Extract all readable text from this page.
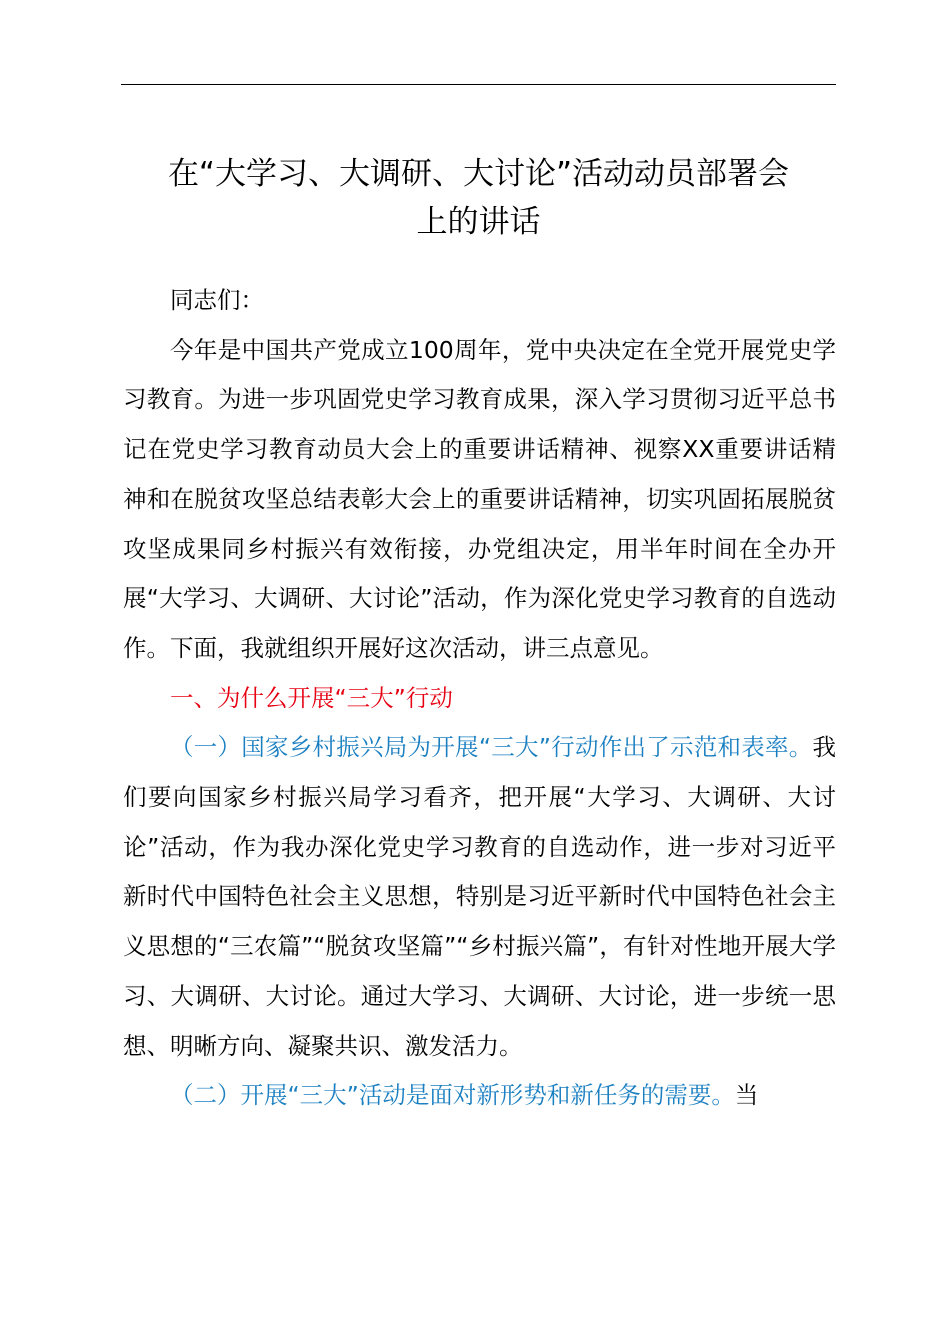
在“大学习、大调研、大讨论”活动动员部署会
上的讲话

同志们：

今年是中国共产党成立100周年，党中央决定在全党开展党史学习教育。为进一步巩固党史学习教育成果，深入学习贯彻习近平总书记在党史学习教育动员大会上的重要讲话精神、视察XX重要讲话精神和在脱贫攻坚总结表彰大会上的重要讲话精神，切实巩固拓展脱贫攻坚成果同乡村振兴有效衔接，办党组决定，用半年时间在全办开展“大学习、大调研、大讨论”活动，作为深化党史学习教育的自选动作。下面，我就组织开展好这次活动，讲三点意见。

一、为什么开展“三大”行动

（一）国家乡村振兴局为开展“三大”行动作出了示范和表率。我们要向国家乡村振兴局学习看齐，把开展“大学习、大调研、大讨论”活动，作为我办深化党史学习教育的自选动作，进一步对习近平新时代中国特色社会主义思想，特别是习近平新时代中国特色社会主义思想的“三农篇”“脱贫攻坚篇”“乡村振兴篇”，有针对性地开展大学习、大调研、大讨论。通过大学习、大调研、大讨论，进一步统一思想、明晰方向、凝聚共识、激发活力。

（二）开展“三大”活动是面对新形势和新任务的需要。当
